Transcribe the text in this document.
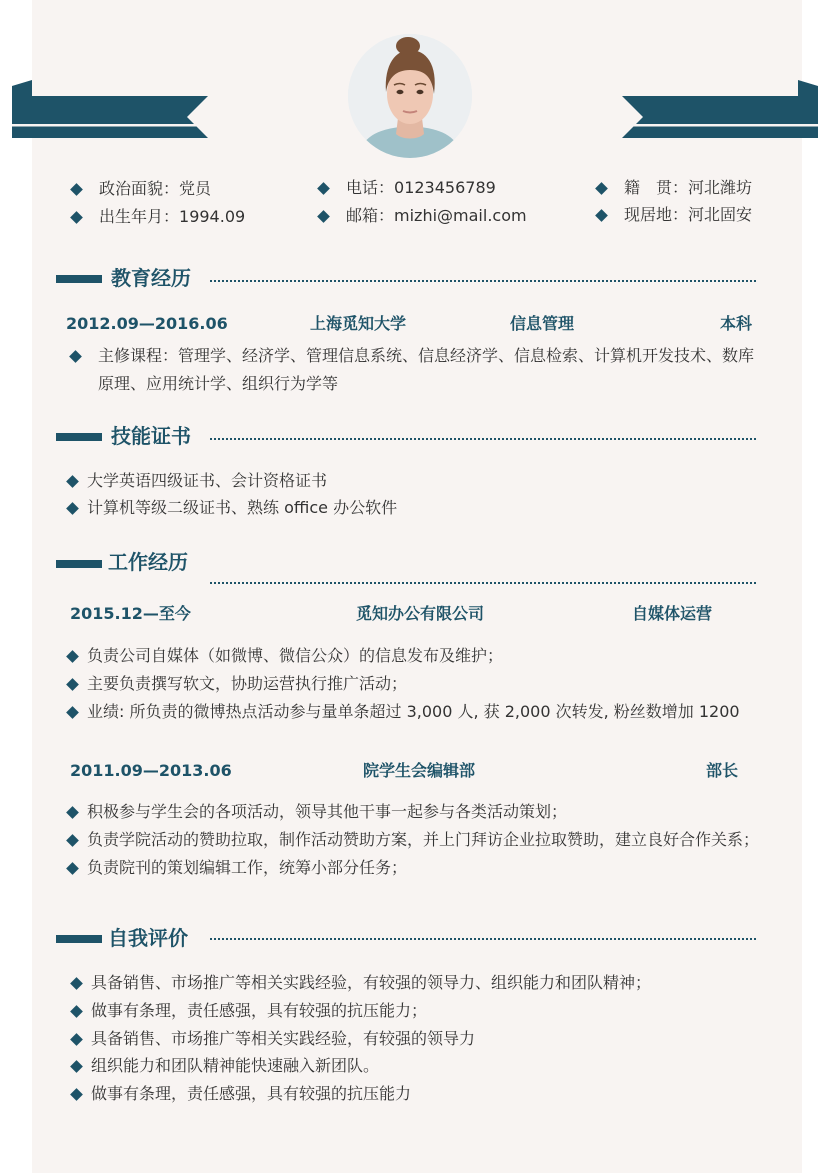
政治面貌： 党员
出生年月： 1994.09
电话： 0123456789
邮箱： mizhi@mail.com
籍　贯： 河北潍坊
现居地： 河北固安
教育经历
2012.09—2016.06	上海觅知大学	信息管理	本科
主修课程：管理学、经济学、管理信息系统、信息经济学、信息检索、计算机开发技术、数库原理、应用统计学、组织行为学等
技能证书
大学英语四级证书、会计资格证书
计算机等级二级证书、熟练 office 办公软件
工作经历
2015.12—至今	觅知办公有限公司	自媒体运营
负责公司自媒体（如微博、微信公众）的信息发布及维护；
主要负责撰写软文，协助运营执行推广活动；
业绩: 所负责的微博热点活动参与量单条超过 3,000 人, 获 2,000 次转发, 粉丝数增加 1200
2011.09—2013.06	院学生会编辑部	部长
积极参与学生会的各项活动，领导其他干事一起参与各类活动策划；
负责学院活动的赞助拉取，制作活动赞助方案，并上门拜访企业拉取赞助，建立良好合作关系；
负责院刊的策划编辑工作，统筹小部分任务；
自我评价
具备销售、市场推广等相关实践经验，有较强的领导力、组织能力和团队精神；
做事有条理，责任感强，具有较强的抗压能力；
具备销售、市场推广等相关实践经验，有较强的领导力
组织能力和团队精神能快速融入新团队。
做事有条理，责任感强，具有较强的抗压能力
